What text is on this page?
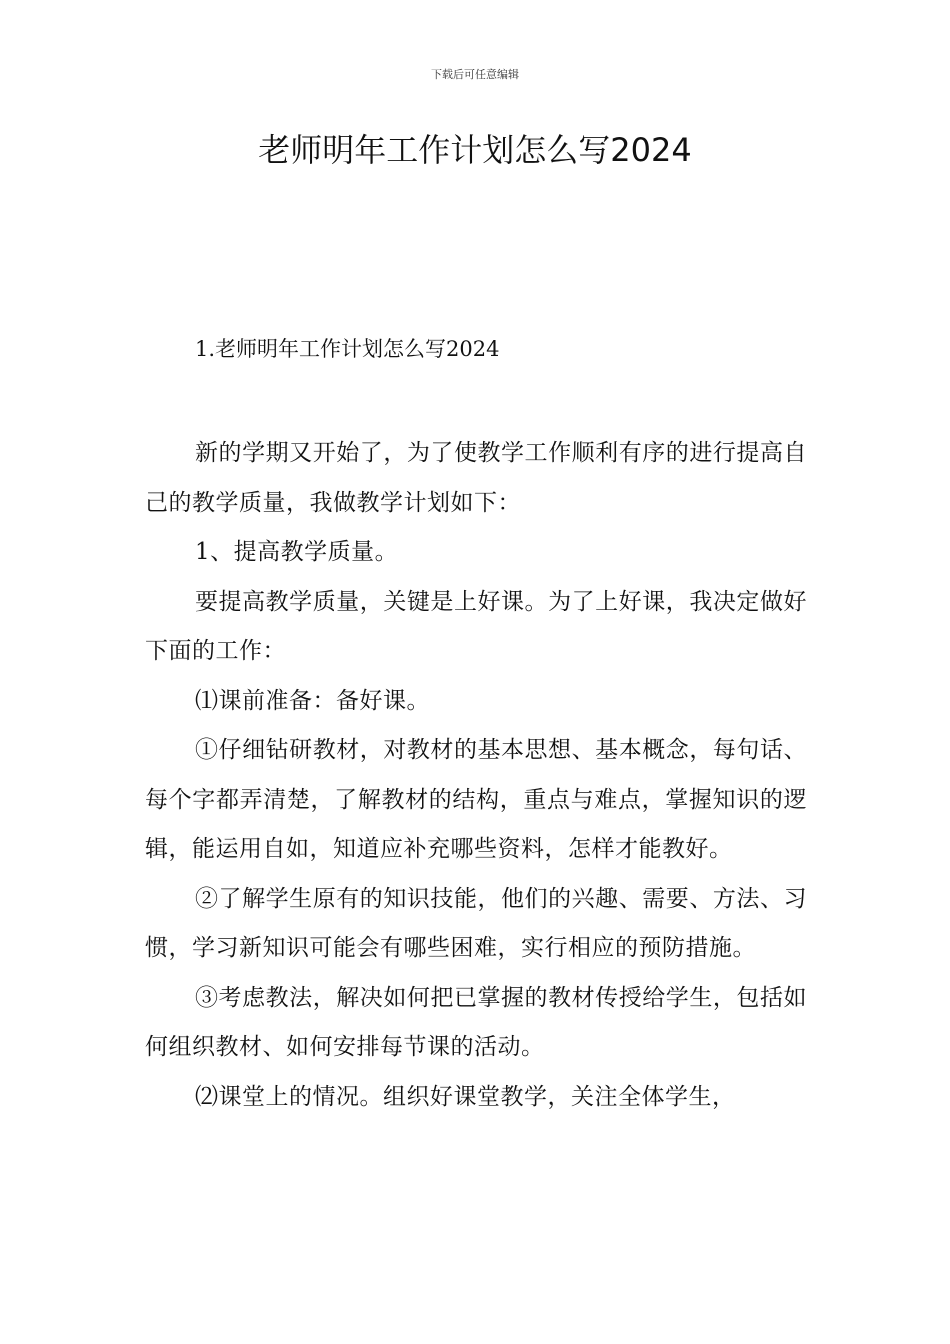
下载后可任意编辑
老师明年工作计划怎么写2024
1.老师明年工作计划怎么写2024

新的学期又开始了，为了使教学工作顺利有序的进行提高自己的教学质量，我做教学计划如下：

1、提高教学质量。

要提高教学质量，关键是上好课。为了上好课，我决定做好下面的工作：

⑴课前准备：备好课。

①仔细钻研教材，对教材的基本思想、基本概念，每句话、每个字都弄清楚，了解教材的结构，重点与难点，掌握知识的逻辑，能运用自如，知道应补充哪些资料，怎样才能教好。

②了解学生原有的知识技能，他们的兴趣、需要、方法、习惯，学习新知识可能会有哪些困难，实行相应的预防措施。

③考虑教法，解决如何把已掌握的教材传授给学生，包括如何组织教材、如何安排每节课的活动。

⑵课堂上的情况。组织好课堂教学，关注全体学生，
